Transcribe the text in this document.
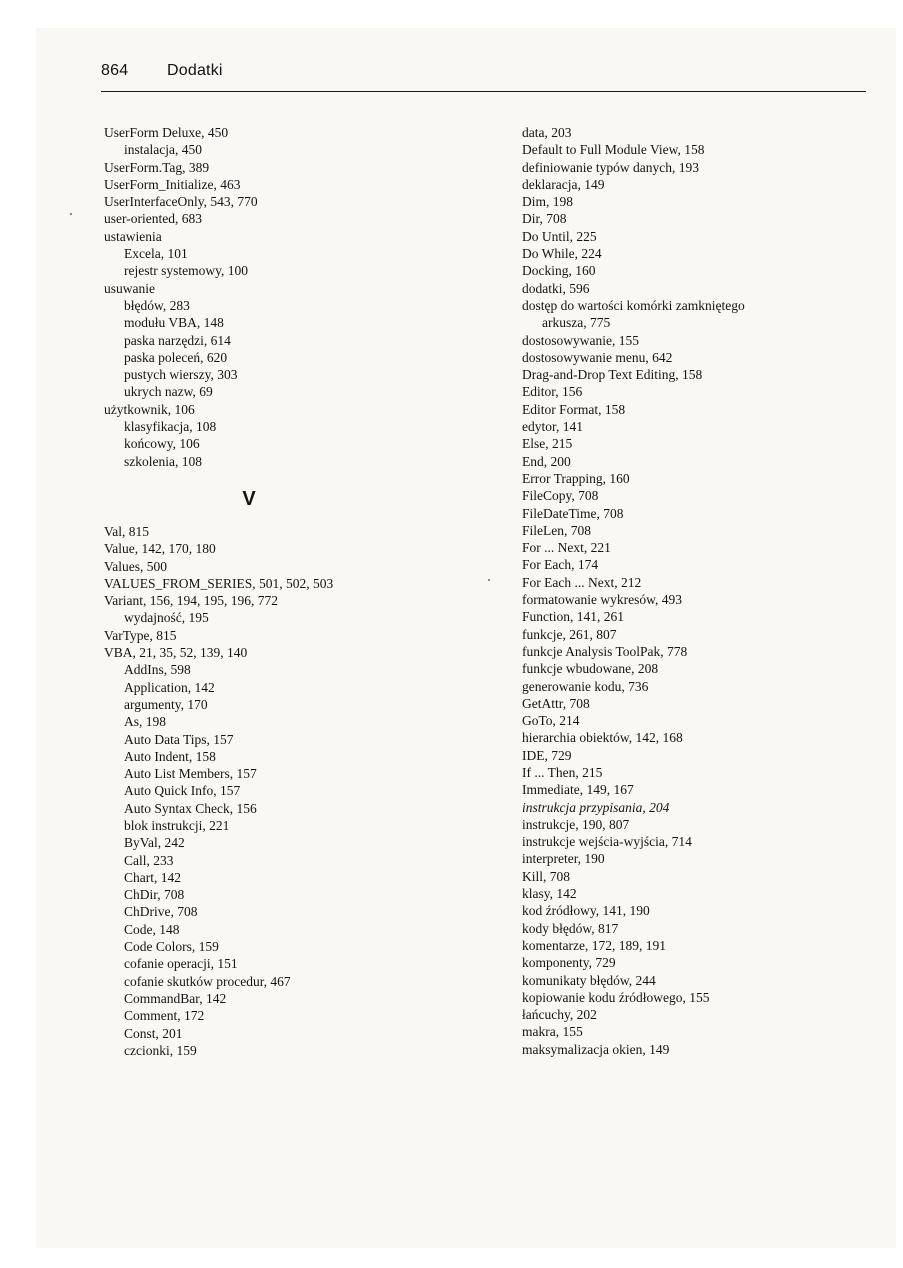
864 Dodatki
UserForm Deluxe, 450
instalacja, 450
UserForm.Tag, 389
UserForm_Initialize, 463
UserInterfaceOnly, 543, 770
user-oriented, 683
ustawienia
Excela, 101
rejestr systemowy, 100
usuwanie
błędów, 283
modułu VBA, 148
paska narzędzi, 614
paska poleceń, 620
pustych wierszy, 303
ukrych nazw, 69
użytkownik, 106
klasyfikacja, 108
końcowy, 106
szkolenia, 108
V
Val, 815
Value, 142, 170, 180
Values, 500
VALUES_FROM_SERIES, 501, 502, 503
Variant, 156, 194, 195, 196, 772
wydajność, 195
VarType, 815
VBA, 21, 35, 52, 139, 140
AddIns, 598
Application, 142
argumenty, 170
As, 198
Auto Data Tips, 157
Auto Indent, 158
Auto List Members, 157
Auto Quick Info, 157
Auto Syntax Check, 156
blok instrukcji, 221
ByVal, 242
Call, 233
Chart, 142
ChDir, 708
ChDrive, 708
Code, 148
Code Colors, 159
cofanie operacji, 151
cofanie skutków procedur, 467
CommandBar, 142
Comment, 172
Const, 201
czcionki, 159
data, 203
Default to Full Module View, 158
definiowanie typów danych, 193
deklaracja, 149
Dim, 198
Dir, 708
Do Until, 225
Do While, 224
Docking, 160
dodatki, 596
dostęp do wartości komórki zamkniętego
arkusza, 775
dostosowywanie, 155
dostosowywanie menu, 642
Drag-and-Drop Text Editing, 158
Editor, 156
Editor Format, 158
edytor, 141
Else, 215
End, 200
Error Trapping, 160
FileCopy, 708
FileDateTime, 708
FileLen, 708
For ... Next, 221
For Each, 174
For Each ... Next, 212
formatowanie wykresów, 493
Function, 141, 261
funkcje, 261, 807
funkcje Analysis ToolPak, 778
funkcje wbudowane, 208
generowanie kodu, 736
GetAttr, 708
GoTo, 214
hierarchia obiektów, 142, 168
IDE, 729
If ... Then, 215
Immediate, 149, 167
instrukcja przypisania, 204
instrukcje, 190, 807
instrukcje wejścia-wyjścia, 714
interpreter, 190
Kill, 708
klasy, 142
kod źródłowy, 141, 190
kody błędów, 817
komentarze, 172, 189, 191
komponenty, 729
komunikaty błędów, 244
kopiowanie kodu źródłowego, 155
łańcuchy, 202
makra, 155
maksymalizacja okien, 149
